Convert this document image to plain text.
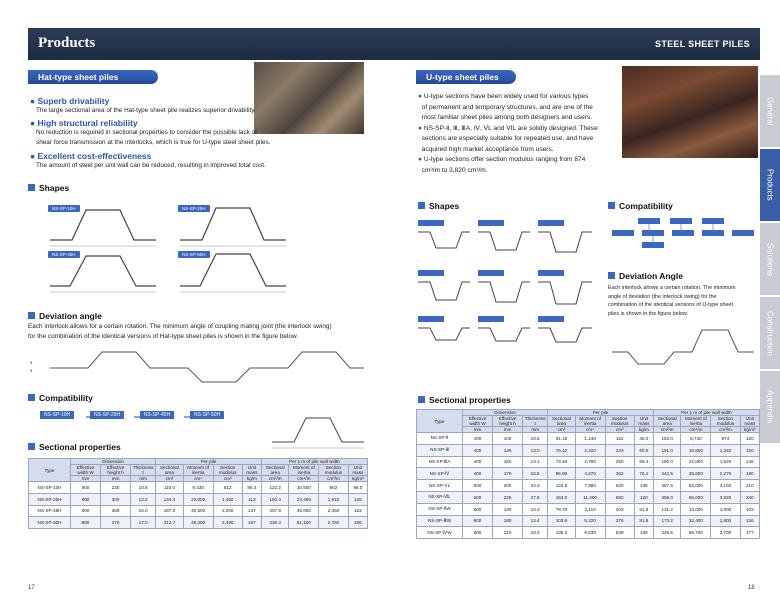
Products	STEEL SHEET PILES
General
Products
Solutions
Construction
Appendix
Hat-type sheet piles
● Superb drivability
The large sectional area of the Hat-type sheet pile realizes superior drivability.
● High structural reliability
No reduction is required in sectional properties to consider the possible lack of
shear force transmission at the interlocks, which is true for U-type steel sheet piles.
● Excellent cost-effectiveness
The amount of steel per unit wall can be reduced, resulting in improved total cost.
Shapes
NS-SP-10H	NS-SP-25H
NS-SP-45H	NS-SP-50H
Deviation angle
Each interlock allows for a certain rotation. The minimum angle of coupling mating joint (the interlock swing)
for the combination of the identical versions of Hat-type sheet piles is shown in the figure below.
θ
θ
Compatibility
NS-SP-10H	NS-SP-25H	NS-SP-45H	NS-SP-50H
Sectional properties
Type	Dimension			Per pile				Per 1 m of pile wall width			
	Effective width W	Effective height h	Thickness t	Sectional area	Moment of inertia	Section modulus	Unit mass	Sectional area	Moment of inertia	Section modulus	Unit mass
	mm	mm	mm	cm²	cm⁴	cm³	kg/m	cm²/m	cm⁴/m	cm³/m	kg/m²
NS-SP-10H	900	230	10.8	110.0	9,430	812	86.4	122.2	10,500	902	96.0
NS-SP-25H	900	300	13.2	144.4	22,000	1,450	113	160.4	24,400	1,610	126
NS-SP-45H	900	368	15.0	187.0	40,500	2,200	147	207.8	45,000	2,450	163
NS-SP-50H	900	370	17.0	212.7	46,000	2,490	167	236.3	51,100	2,760	186
17
U-type sheet piles
● U-type sections have been widely used for various types
of permanent and temporary structures, and are one of the
most familiar sheet piles among both designers and users.
● NS-SP-Ⅱ, Ⅲ, ⅢA, Ⅳ, ⅤL and ⅥL are solidly designed. These
sections are especially suitable for repeated use, and have
acquired high market acceptance from users.
● U-type sections offer section modulus ranging from 874
cm³/m to 3,820 cm³/m.
Shapes	Compatibility
Deviation Angle
Each interlock allows a certain rotation. The minimum
angle of deviation (the interlock swing) for the
combination of the identical versions of U-type sheet
piles is shown in the figure below.
Sectional properties
Type	Dimension			Per pile				Per 1 m of pile wall width			
	Effective width W	Effective height h	Thickness t	Sectional area	Moment of inertia	Section modulus	Unit mass	Sectional area	Moment of inertia	Section modulus	Unit mass
	mm	mm	mm	cm²	cm⁴	cm³	kg/m	cm²/m	cm⁴/m	cm³/m	kg/m²
NS-SP-Ⅱ	400	100	10.5	61.18	1,240	152	48.0	153.0	8,740	874	120
NS-SP-Ⅲ	400	125	13.0	76.42	2,220	223	60.0	191.0	16,800	1,340	150
NS-SP-ⅢA	400	150	13.1	74.40	2,790	250	58.4	186.0	22,800	1,520	146
NS-SP-Ⅳ	400	170	15.5	96.99	4,670	362	76.1	242.5	38,600	2,270	190
NS-SP-ⅤL	500	200	24.3	133.8	7,960	520	105	267.6	63,000	3,150	210
NS-SP-ⅥL	500	225	27.6	153.0	11,400	680	120	306.0	86,000	3,820	240
NS-SP-ⅡW	600	130	10.3	78.70	2,110	203	61.8	131.2	13,000	1,000	103
NS-SP-ⅢW	600	180	13.4	103.9	5,220	376	81.6	173.2	32,400	1,800	136
NS-SP-ⅣW	600	210	18.0	135.3	8,630	539	106	225.5	56,700	2,700	177
18
